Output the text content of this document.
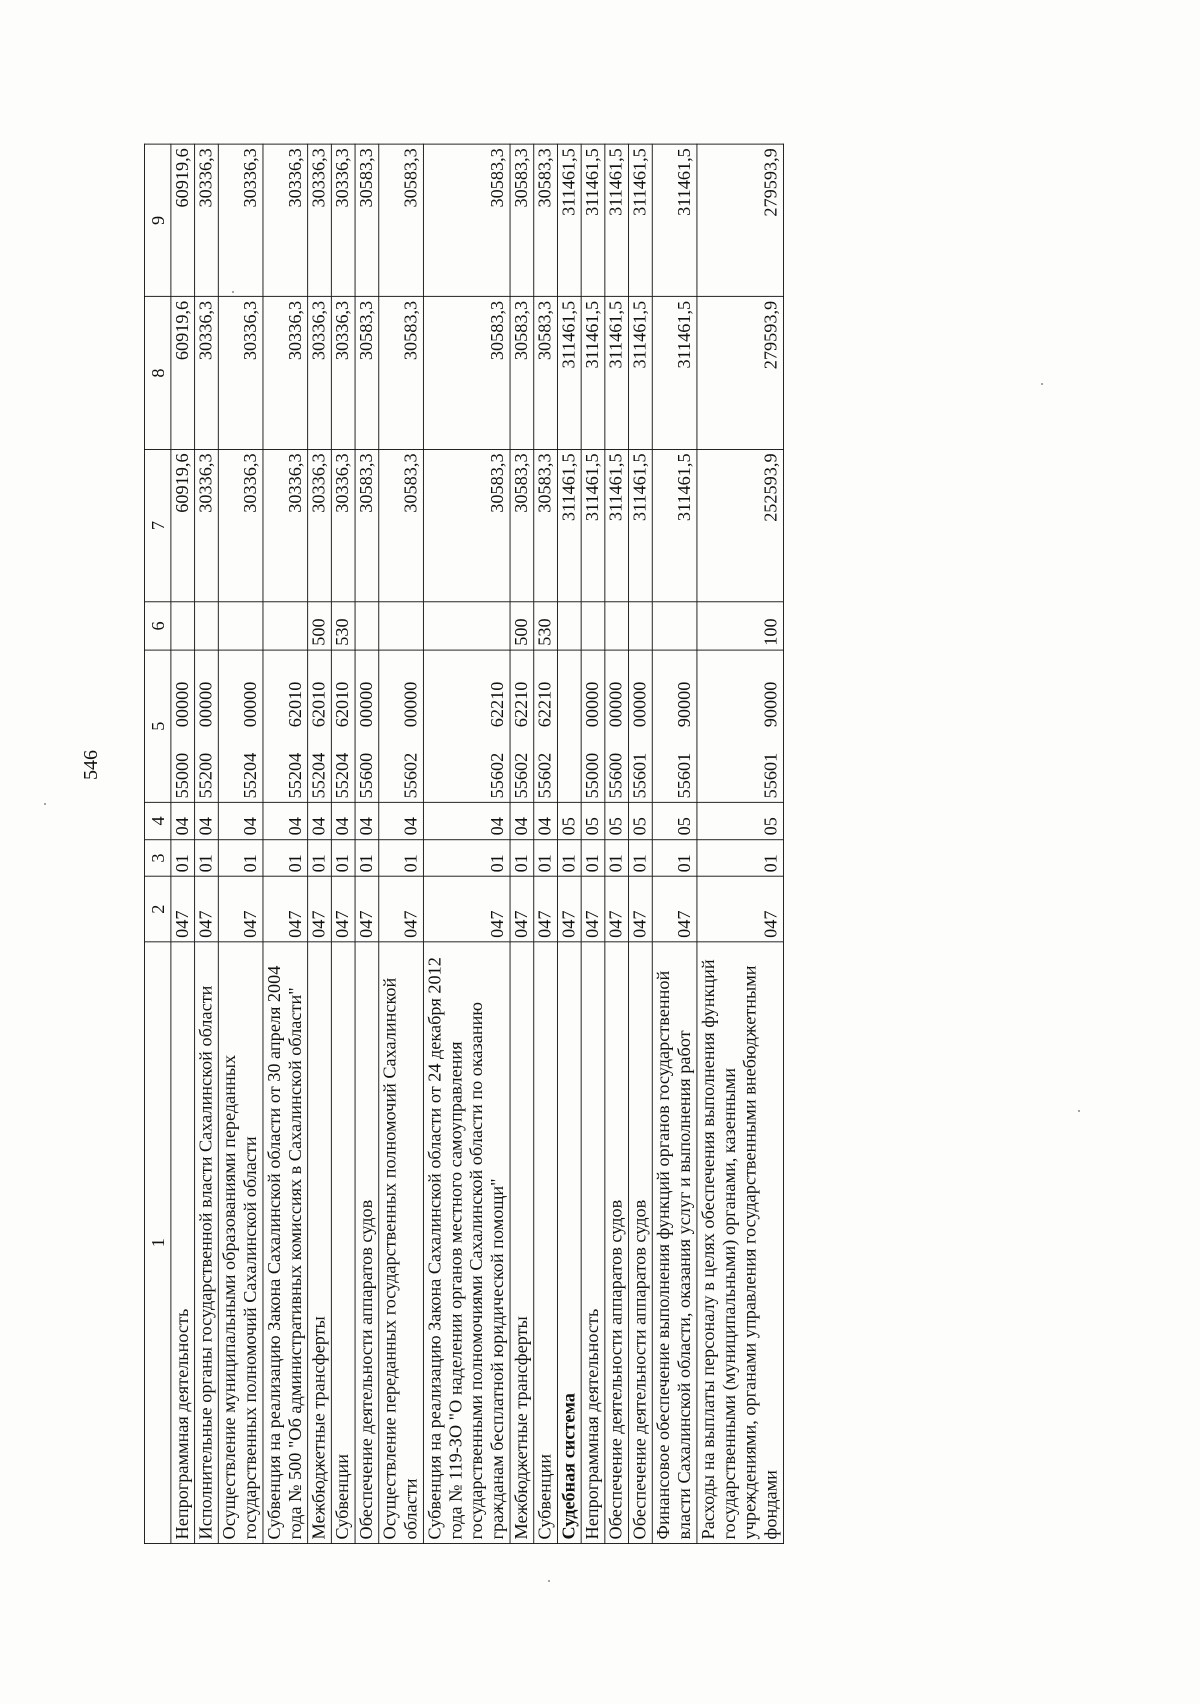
546
1	2	3	4	5	6	7	8	9
Непрограммная деятельность	047	01	04	5500000000		60919,6	60919,6	60919,6
Исполнительные органы государственной власти Сахалинской области	047	01	04	5520000000		30336,3	30336,3	30336,3
Осуществление муниципальными образованиями переданных государственных полномочий Сахалинской области	047	01	04	5520400000		30336,3	30336,3	30336,3
Субвенция на реализацию Закона Сахалинской области от 30 апреля 2004 года № 500 "Об административных комиссиях в Сахалинской области"	047	01	04	5520462010		30336,3	30336,3	30336,3
Межбюджетные трансферты	047	01	04	5520462010	500	30336,3	30336,3	30336,3
Субвенции	047	01	04	5520462010	530	30336,3	30336,3	30336,3
Обеспечение деятельности аппаратов судов	047	01	04	5560000000		30583,3	30583,3	30583,3
Осуществление переданных государственных полномочий Сахалинской области	047	01	04	5560200000		30583,3	30583,3	30583,3
Субвенция на реализацию Закона Сахалинской области от 24 декабря 2012 года № 119-ЗО "О наделении органов местного самоуправления государственными полномочиями Сахалинской области по оказанию гражданам бесплатной юридической помощи"	047	01	04	5560262210		30583,3	30583,3	30583,3
Межбюджетные трансферты	047	01	04	5560262210	500	30583,3	30583,3	30583,3
Субвенции	047	01	04	5560262210	530	30583,3	30583,3	30583,3
Судебная система	047	01	05			311461,5	311461,5	311461,5
Непрограммная деятельность	047	01	05	5500000000		311461,5	311461,5	311461,5
Обеспечение деятельности аппаратов судов	047	01	05	5560000000		311461,5	311461,5	311461,5
Обеспечение деятельности аппаратов судов	047	01	05	5560100000		311461,5	311461,5	311461,5
Финансовое обеспечение выполнения функций органов государственной власти Сахалинской области, оказания услуг и выполнения работ	047	01	05	5560190000		311461,5	311461,5	311461,5
Расходы на выплаты персоналу в целях обеспечения выполнения функций государственными (муниципальными) органами, казенными учреждениями, органами управления государственными внебюджетными фондами	047	01	05	5560190000	100	252593,9	279593,9	279593,9
